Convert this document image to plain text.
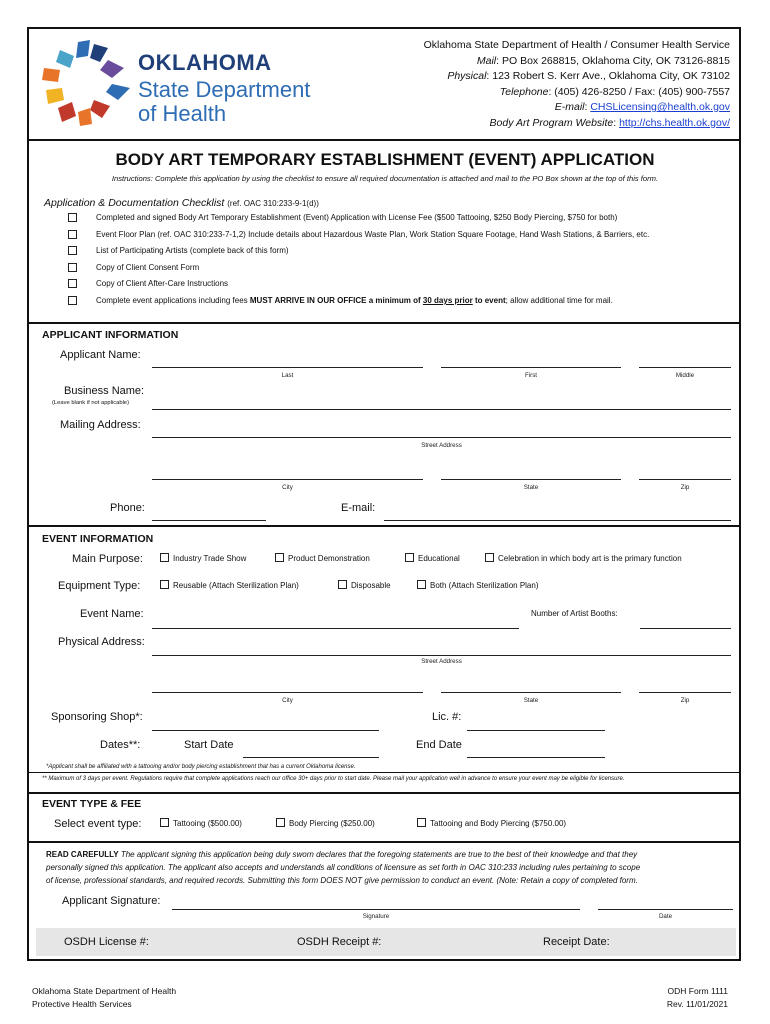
OKLAHOMA
State Department
of Health
Oklahoma State Department of Health / Consumer Health Service
Mail: PO Box 268815, Oklahoma City, OK 73126-8815
Physical: 123 Robert S. Kerr Ave., Oklahoma City, OK 73102
Telephone: (405) 426-8250 / Fax: (405) 900-7557
E-mail: CHSLicensing@health.ok.gov
Body Art Program Website: http://chs.health.ok.gov/
BODY ART TEMPORARY ESTABLISHMENT (EVENT) APPLICATION
Instructions: Complete this application by using the checklist to ensure all required documentation is attached and mail to the PO Box shown at the top of this form.
Application & Documentation Checklist (ref. OAC 310:233-9-1(d))
Completed and signed Body Art Temporary Establishment (Event) Application with License Fee ($500 Tattooing, $250 Body Piercing, $750 for both)
Event Floor Plan (ref. OAC 310:233-7-1,2) Include details about Hazardous Waste Plan, Work Station Square Footage, Hand Wash Stations, & Barriers, etc.
List of Participating Artists (complete back of this form)
Copy of Client Consent Form
Copy of Client After-Care Instructions
Complete event applications including fees MUST ARRIVE IN OUR OFFICE a minimum of 30 days prior to event; allow additional time for mail.
APPLICANT INFORMATION
Applicant Name:
Last	First	Middle
Business Name:
(Leave blank if not applicable)
Mailing Address:
Street Address
City	State	Zip
Phone:	E-mail:
EVENT INFORMATION
Main Purpose:	Industry Trade Show	Product Demonstration	Educational	Celebration in which body art is the primary function
Equipment Type:	Reusable (Attach Sterilization Plan)	Disposable	Both (Attach Sterilization Plan)
Event Name:	Number of Artist Booths:
Physical Address:
Street Address
City	State	Zip
Sponsoring Shop*:	Lic. #:
Dates**:	Start Date	End Date
*Applicant shall be affiliated with a tattooing and/or body piercing establishment that has a current Oklahoma license.
** Maximum of 3 days per event. Regulations require that complete applications reach our office 30+ days prior to start date. Please mail your application well in advance to ensure your event may be eligible for licensure.
EVENT TYPE & FEE
Select event type:	Tattooing ($500.00)	Body Piercing ($250.00)	Tattooing and Body Piercing ($750.00)
READ CAREFULLY The applicant signing this application being duly sworn declares that the foregoing statements are true to the best of their knowledge and that they
personally signed this application. The applicant also accepts and understands all conditions of licensure as set forth in OAC 310:233 including rules pertaining to scope
of license, professional standards, and required records. Submitting this form DOES NOT give permission to conduct an event. (Note: Retain a copy of completed form.
Applicant Signature:
Signature	Date
OSDH License #:	OSDH Receipt #:	Receipt Date:
Oklahoma State Department of Health
Protective Health Services
ODH Form 1111
Rev. 11/01/2021
